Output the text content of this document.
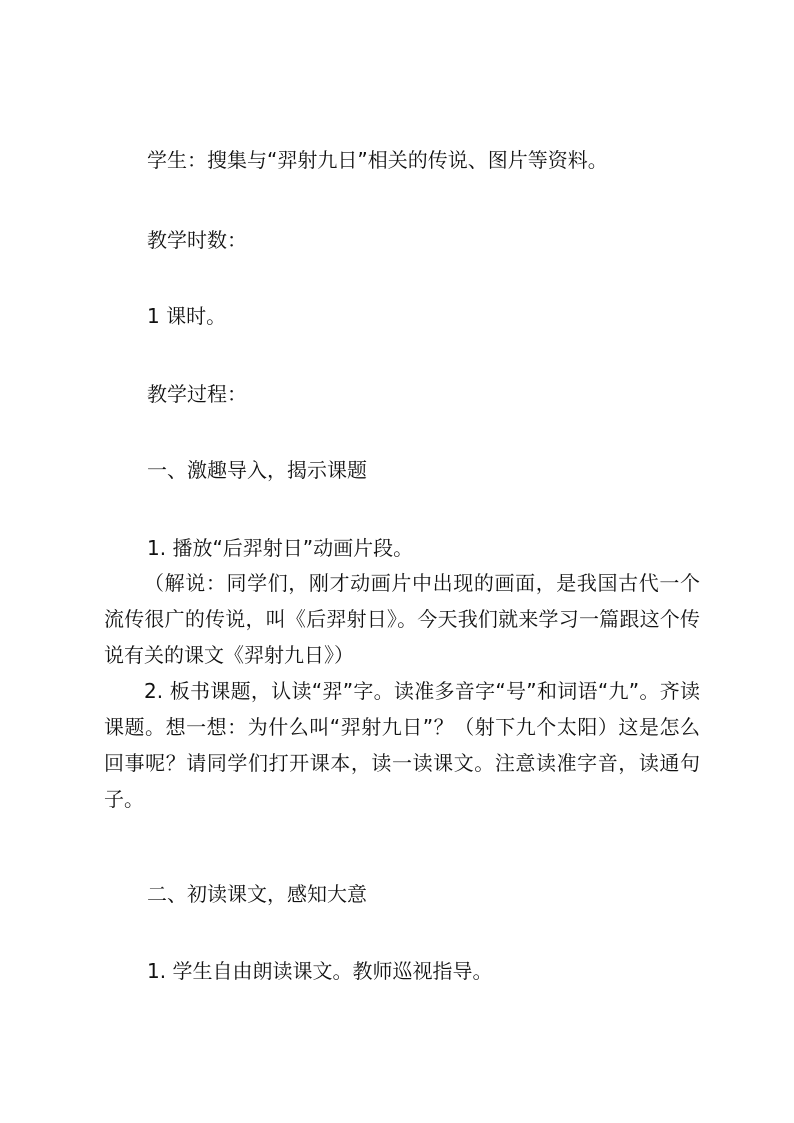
学生：搜集与“羿射九日”相关的传说、图片等资料。
教学时数：
1 课时。
教学过程：
一、激趣导入，揭示课题
1. 播放“后羿射日”动画片段。
（解说：同学们，刚才动画片中出现的画面，是我国古代一个流传很广的传说，叫《后羿射日》。今天我们就来学习一篇跟这个传说有关的课文《羿射九日》）
2. 板书课题，认读“羿”字。读准多音字“号”和词语“九”。齐读课题。想一想：为什么叫“羿射九日”？（射下九个太阳）这是怎么回事呢？请同学们打开课本，读一读课文。注意读准字音，读通句子。
二、初读课文，感知大意
1. 学生自由朗读课文。教师巡视指导。
